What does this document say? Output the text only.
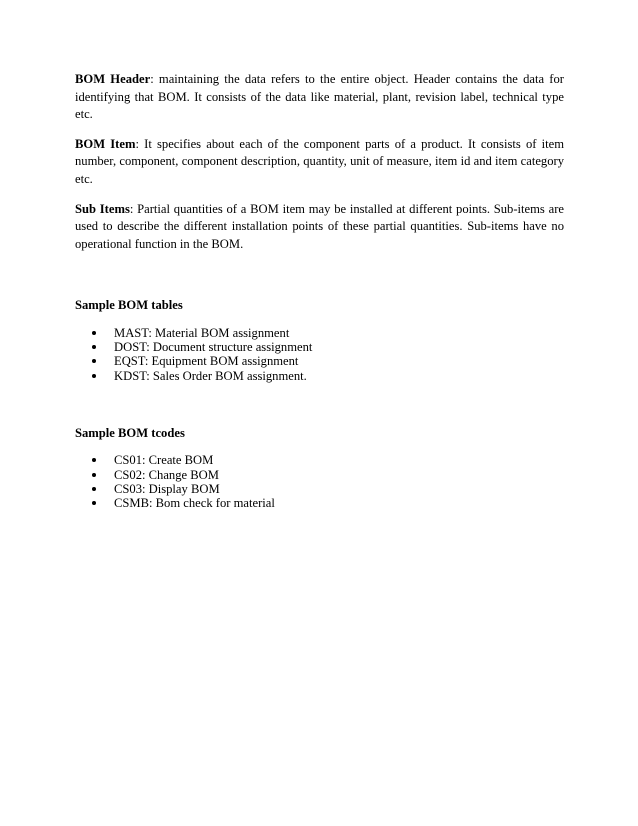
BOM Header: maintaining the data refers to the entire object. Header contains the data for identifying that BOM. It consists of the data like material, plant, revision label, technical type etc.

BOM Item: It specifies about each of the component parts of a product. It consists of item number, component, component description, quantity, unit of measure, item id and item category etc.

Sub Items: Partial quantities of a BOM item may be installed at different points. Sub-items are used to describe the different installation points of these partial quantities. Sub-items have no operational function in the BOM.

Sample BOM tables

MAST: Material BOM assignment
DOST: Document structure assignment
EQST: Equipment BOM assignment
KDST: Sales Order BOM assignment.

Sample BOM tcodes

CS01: Create BOM
CS02: Change BOM
CS03: Display BOM
CSMB: Bom check for material
